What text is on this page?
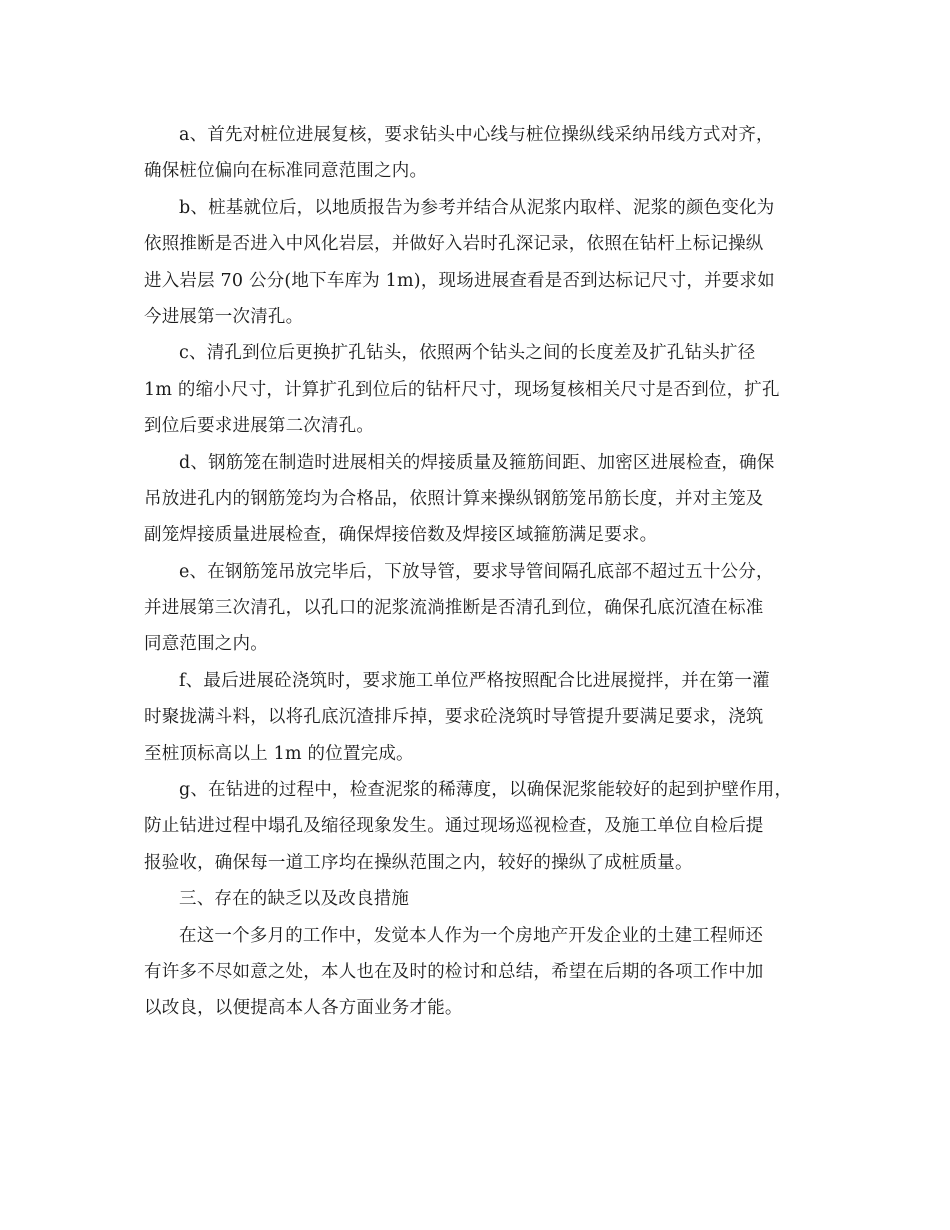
a、首先对桩位进展复核，要求钻头中心线与桩位操纵线采纳吊线方式对齐，
确保桩位偏向在标准同意范围之内。

b、桩基就位后，以地质报告为参考并结合从泥浆内取样、泥浆的颜色变化为
依照推断是否进入中风化岩层，并做好入岩时孔深记录，依照在钻杆上标记操纵
进入岩层 70 公分(地下车库为 1m)，现场进展查看是否到达标记尺寸，并要求如
今进展第一次清孔。

c、清孔到位后更换扩孔钻头，依照两个钻头之间的长度差及扩孔钻头扩径
1m 的缩小尺寸，计算扩孔到位后的钻杆尺寸，现场复核相关尺寸是否到位，扩孔
到位后要求进展第二次清孔。

d、钢筋笼在制造时进展相关的焊接质量及箍筋间距、加密区进展检查，确保
吊放进孔内的钢筋笼均为合格品，依照计算来操纵钢筋笼吊筋长度，并对主笼及
副笼焊接质量进展检查，确保焊接倍数及焊接区域箍筋满足要求。

e、在钢筋笼吊放完毕后，下放导管，要求导管间隔孔底部不超过五十公分，
并进展第三次清孔，以孔口的泥浆流淌推断是否清孔到位，确保孔底沉渣在标准
同意范围之内。

f、最后进展砼浇筑时，要求施工单位严格按照配合比进展搅拌，并在第一灌
时聚拢满斗料，以将孔底沉渣排斥掉，要求砼浇筑时导管提升要满足要求，浇筑
至桩顶标高以上 1m 的位置完成。

g、在钻进的过程中，检查泥浆的稀薄度，以确保泥浆能较好的起到护壁作用，
防止钻进过程中塌孔及缩径现象发生。通过现场巡视检查，及施工单位自检后提
报验收，确保每一道工序均在操纵范围之内，较好的操纵了成桩质量。

三、存在的缺乏以及改良措施

在这一个多月的工作中，发觉本人作为一个房地产开发企业的土建工程师还
有许多不尽如意之处，本人也在及时的检讨和总结，希望在后期的各项工作中加
以改良，以便提高本人各方面业务才能。
